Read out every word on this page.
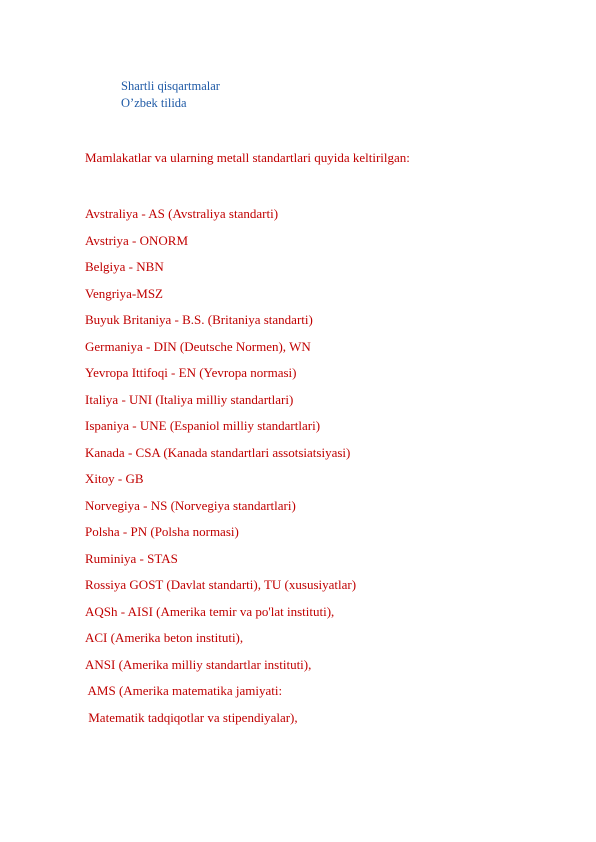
Shartli qisqartmalar
O’zbek tilida
Mamlakatlar va ularning metall standartlari quyida keltirilgan:
Avstraliya - AS (Avstraliya standarti)
Avstriya - ONORM
Belgiya - NBN
Vengriya-MSZ
Buyuk Britaniya - B.S. (Britaniya standarti)
Germaniya - DIN (Deutsche Normen), WN
Yevropa Ittifoqi - EN (Yevropa normasi)
Italiya - UNI (Italiya milliy standartlari)
Ispaniya - UNE (Espaniol milliy standartlari)
Kanada - CSA (Kanada standartlari assotsiatsiyasi)
Xitoy - GB
Norvegiya - NS (Norvegiya standartlari)
Polsha - PN (Polsha normasi)
Ruminiya - STAS
Rossiya GOST (Davlat standarti), TU (xususiyatlar)
AQSh - AISI (Amerika temir va po'lat instituti),
ACI (Amerika beton instituti),
ANSI (Amerika milliy standartlar instituti),
AMS (Amerika matematika jamiyati:
Matematik tadqiqotlar va stipendiyalar),
